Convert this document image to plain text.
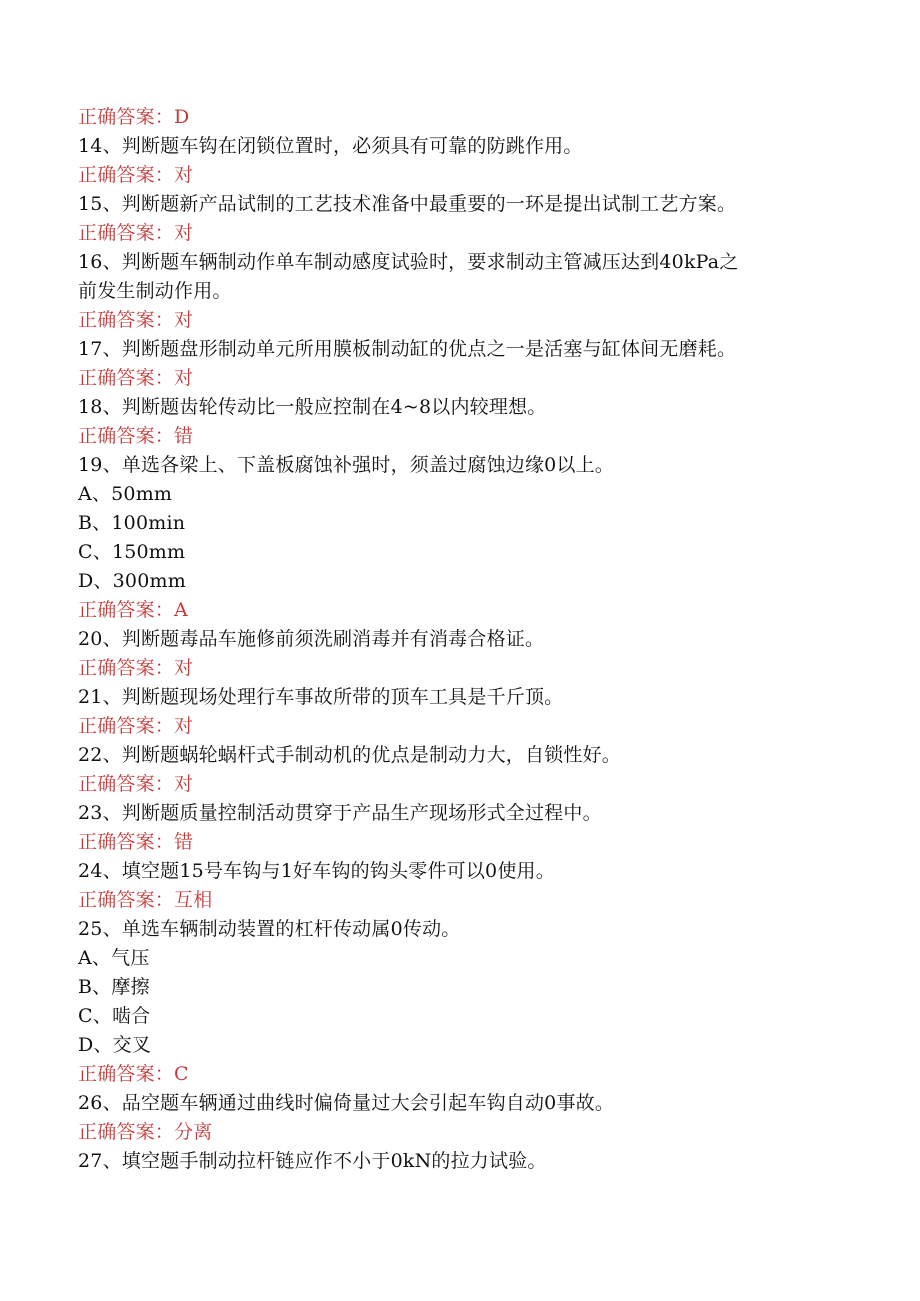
正确答案：D
14、判断题车钩在闭锁位置时，必须具有可靠的防跳作用。
正确答案：对
15、判断题新产品试制的工艺技术准备中最重要的一环是提出试制工艺方案。
正确答案：对
16、判断题车辆制动作单车制动感度试验时，要求制动主管减压达到40kPa之
前发生制动作用。
正确答案：对
17、判断题盘形制动单元所用膜板制动缸的优点之一是活塞与缸体间无磨耗。
正确答案：对
18、判断题齿轮传动比一般应控制在4~8以内较理想。
正确答案：错
19、单选各梁上、下盖板腐蚀补强时，须盖过腐蚀边缘0以上。
A、50mm
B、100min
C、150mm
D、300mm
正确答案：A
20、判断题毒品车施修前须洗刷消毒并有消毒合格证。
正确答案：对
21、判断题现场处理行车事故所带的顶车工具是千斤顶。
正确答案：对
22、判断题蜗轮蜗杆式手制动机的优点是制动力大，自锁性好。
正确答案：对
23、判断题质量控制活动贯穿于产品生产现场形式全过程中。
正确答案：错
24、填空题15号车钩与1好车钩的钩头零件可以0使用。
正确答案：互相
25、单选车辆制动装置的杠杆传动属0传动。
A、气压
B、摩擦
C、啮合
D、交叉
正确答案：C
26、品空题车辆通过曲线时偏倚量过大会引起车钩自动0事故。
正确答案：分离
27、填空题手制动拉杆链应作不小于0kN的拉力试验。
